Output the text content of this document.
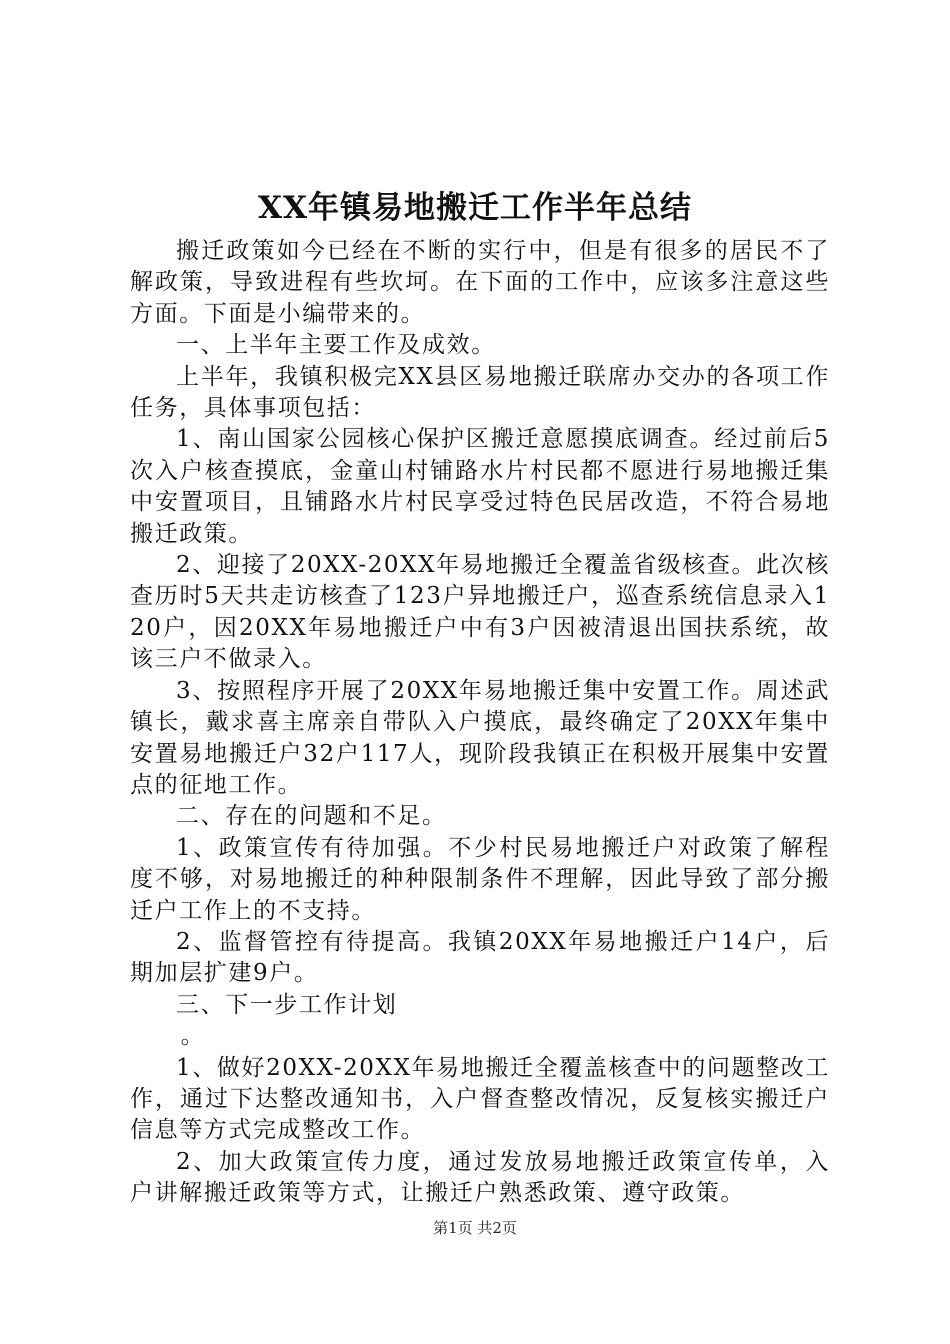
XX年镇易地搬迁工作半年总结

搬迁政策如今已经在不断的实行中，但是有很多的居民不了解政策，导致进程有些坎坷。在下面的工作中，应该多注意这些方面。下面是小编带来的。

一、上半年主要工作及成效。

上半年，我镇积极完XX县区易地搬迁联席办交办的各项工作任务，具体事项包括：

1、南山国家公园核心保护区搬迁意愿摸底调查。经过前后5次入户核查摸底，金童山村铺路水片村民都不愿进行易地搬迁集中安置项目，且铺路水片村民享受过特色民居改造，不符合易地搬迁政策。

2、迎接了20XX-20XX年易地搬迁全覆盖省级核查。此次核查历时5天共走访核查了123户异地搬迁户，巡查系统信息录入120户，因20XX年易地搬迁户中有3户因被清退出国扶系统，故该三户不做录入。

3、按照程序开展了20XX年易地搬迁集中安置工作。周述武镇长，戴求喜主席亲自带队入户摸底，最终确定了20XX年集中安置易地搬迁户32户117人，现阶段我镇正在积极开展集中安置点的征地工作。

二、存在的问题和不足。

1、政策宣传有待加强。不少村民易地搬迁户对政策了解程度不够，对易地搬迁的种种限制条件不理解，因此导致了部分搬迁户工作上的不支持。

2、监督管控有待提高。我镇20XX年易地搬迁户14户，后期加层扩建9户。

三、下一步工作计划

。

1、做好20XX-20XX年易地搬迁全覆盖核查中的问题整改工作，通过下达整改通知书，入户督查整改情况，反复核实搬迁户信息等方式完成整改工作。

2、加大政策宣传力度，通过发放易地搬迁政策宣传单，入户讲解搬迁政策等方式，让搬迁户熟悉政策、遵守政策。

第1页 共2页
